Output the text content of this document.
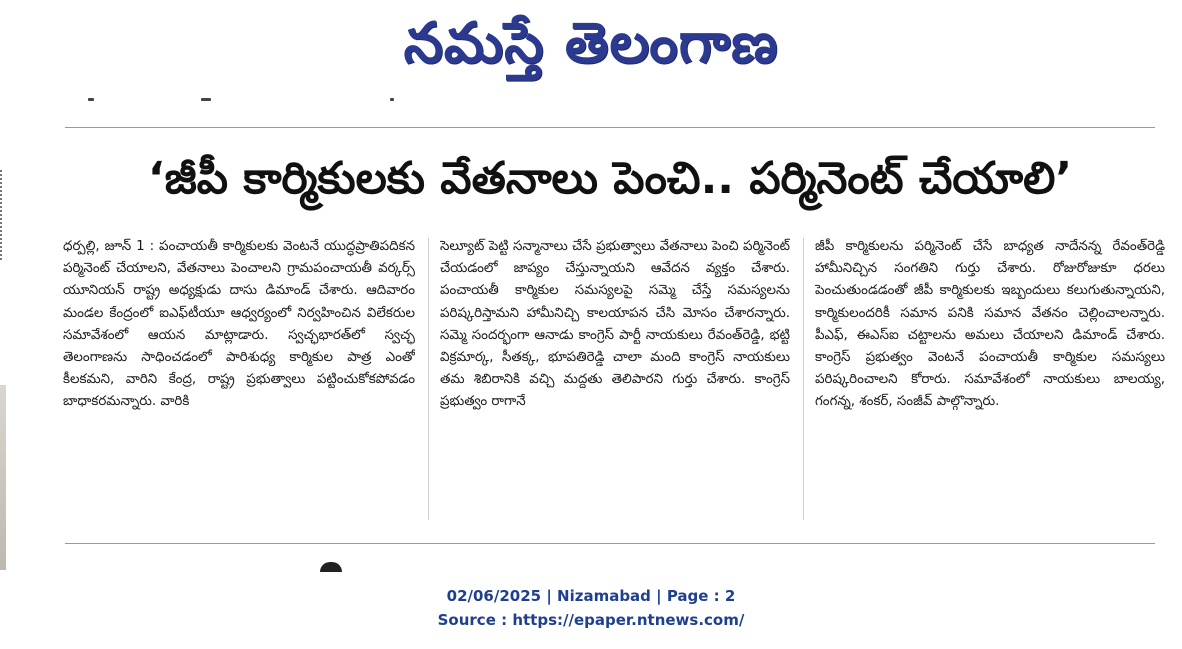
నమస్తే తెలంగాణ
‘జీపీ కార్మికులకు వేతనాలు పెంచి.. పర్మినెంట్ చేయాలి’
ధర్పల్లి, జూన్ 1 : పంచాయతీ కార్మికులకు వెంటనే యుద్ధప్రాతిపదికన పర్మినెంట్ చేయాలని, వేతనాలు పెంచాలని గ్రామపంచాయతీ వర్కర్స్ యూనియన్ రాష్ట్ర అధ్యక్షుడు దాసు డిమాండ్ చేశారు. ఆదివారం మండల కేంద్రంలో ఐఎఫ్‌టీయూ ఆధ్వర్యంలో నిర్వహించిన విలేకరుల సమావేశంలో ఆయన మాట్లాడారు. స్వచ్ఛభారత్‌లో స్వచ్ఛ తెలంగాణను సాధించడంలో పారిశుధ్య కార్మికుల పాత్ర ఎంతో కీలకమని, వారిని కేంద్ర, రాష్ట్ర ప్రభుత్వాలు పట్టించుకోకపోవడం బాధాకరమన్నారు. వారికి
సెల్యూట్ పెట్టి సన్మానాలు చేసే ప్రభుత్వాలు వేతనాలు పెంచి పర్మినెంట్ చేయడంలో జాప్యం చేస్తున్నాయని ఆవేదన వ్యక్తం చేశారు. పంచాయతీ కార్మికుల సమస్యలపై సమ్మె చేస్తే సమస్యలను పరిష్కరిస్తామని హామీనిచ్చి కాలయాపన చేసి మోసం చేశారన్నారు. సమ్మె సందర్భంగా ఆనాడు కాంగ్రెస్ పార్టీ నాయకులు రేవంత్‌రెడ్డి, భట్టి విక్రమార్క, సీతక్క, భూపతిరెడ్డి చాలా మంది కాంగ్రెస్ నాయకులు తమ శిబిరానికి వచ్చి మద్దతు తెలిపారని గుర్తు చేశారు. కాంగ్రెస్ ప్రభుత్వం రాగానే
జీపీ కార్మికులను పర్మినెంట్ చేసే బాధ్యత నాదేనన్న రేవంత్‌రెడ్డి హామీనిచ్చిన సంగతిని గుర్తు చేశారు. రోజురోజుకూ ధరలు పెంచుతుండడంతో జీపీ కార్మికులకు ఇబ్బందులు కలుగుతున్నాయని, కార్మికులందరికీ సమాన పనికి సమాన వేతనం చెల్లించాలన్నారు. పీఎఫ్, ఈఎస్ఐ చట్టాలను అమలు చేయాలని డిమాండ్ చేశారు. కాంగ్రెస్ ప్రభుత్వం వెంటనే పంచాయతీ కార్మికుల సమస్యలు పరిష్కరించాలని కోరారు. సమావేశంలో నాయకులు బాలయ్య, గంగన్న, శంకర్, సంజీవ్ పాల్గొన్నారు.
02/06/2025 | Nizamabad | Page : 2
Source : https://epaper.ntnews.com/
